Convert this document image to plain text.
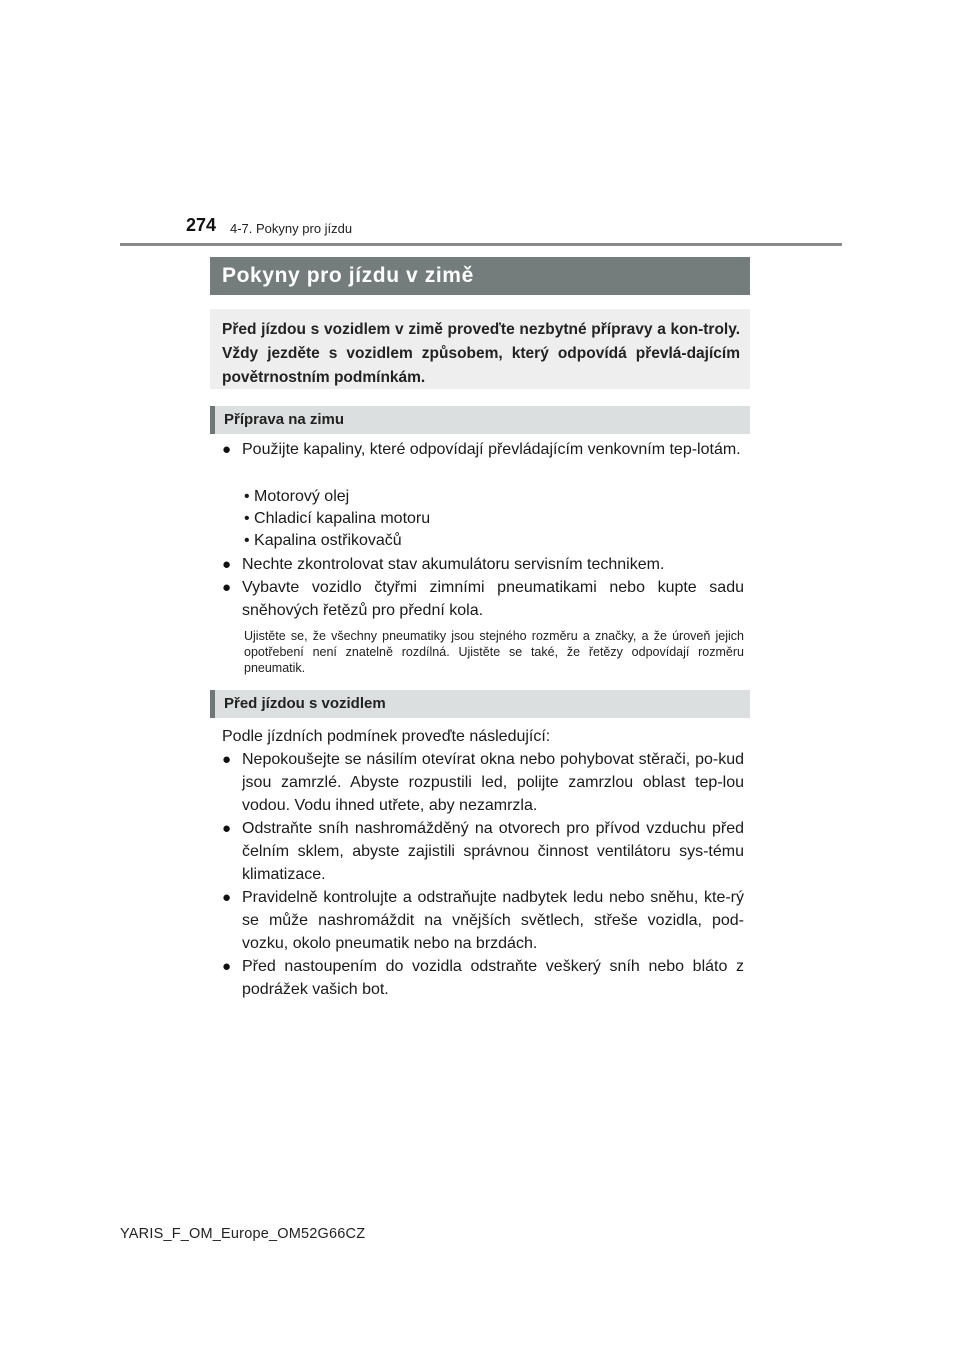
274 4-7. Pokyny pro jízdu
Pokyny pro jízdu v zimě
Před jízdou s vozidlem v zimě proveďte nezbytné přípravy a kon-troly. Vždy jezděte s vozidlem způsobem, který odpovídá převlá-dajícím povětrnostním podmínkám.
Příprava na zimu
● Použijte kapaliny, které odpovídají převládajícím venkovním tep-lotám.
• Motorový olej
• Chladicí kapalina motoru
• Kapalina ostřikovačů
● Nechte zkontrolovat stav akumulátoru servisním technikem.
● Vybavte vozidlo čtyřmi zimními pneumatikami nebo kupte sadu sněhových řetězů pro přední kola.
Ujistěte se, že všechny pneumatiky jsou stejného rozměru a značky, a že úroveň jejich opotřebení není znatelně rozdílná. Ujistěte se také, že řetězy odpovídají rozměru pneumatik.
Před jízdou s vozidlem
Podle jízdních podmínek proveďte následující:
● Nepokoušejte se násilím otevírat okna nebo pohybovat stěrači, po-kud jsou zamrzlé. Abyste rozpustili led, polijte zamrzlou oblast tep-lou vodou. Vodu ihned utřete, aby nezamrzla.
● Odstraňte sníh nashromážděný na otvorech pro přívod vzduchu před čelním sklem, abyste zajistili správnou činnost ventilátoru sys-tému klimatizace.
● Pravidelně kontrolujte a odstraňujte nadbytek ledu nebo sněhu, kte-rý se může nashromáždit na vnějších světlech, střeše vozidla, pod-vozku, okolo pneumatik nebo na brzdách.
● Před nastoupením do vozidla odstraňte veškerý sníh nebo bláto z podrážek vašich bot.
YARIS_F_OM_Europe_OM52G66CZ
